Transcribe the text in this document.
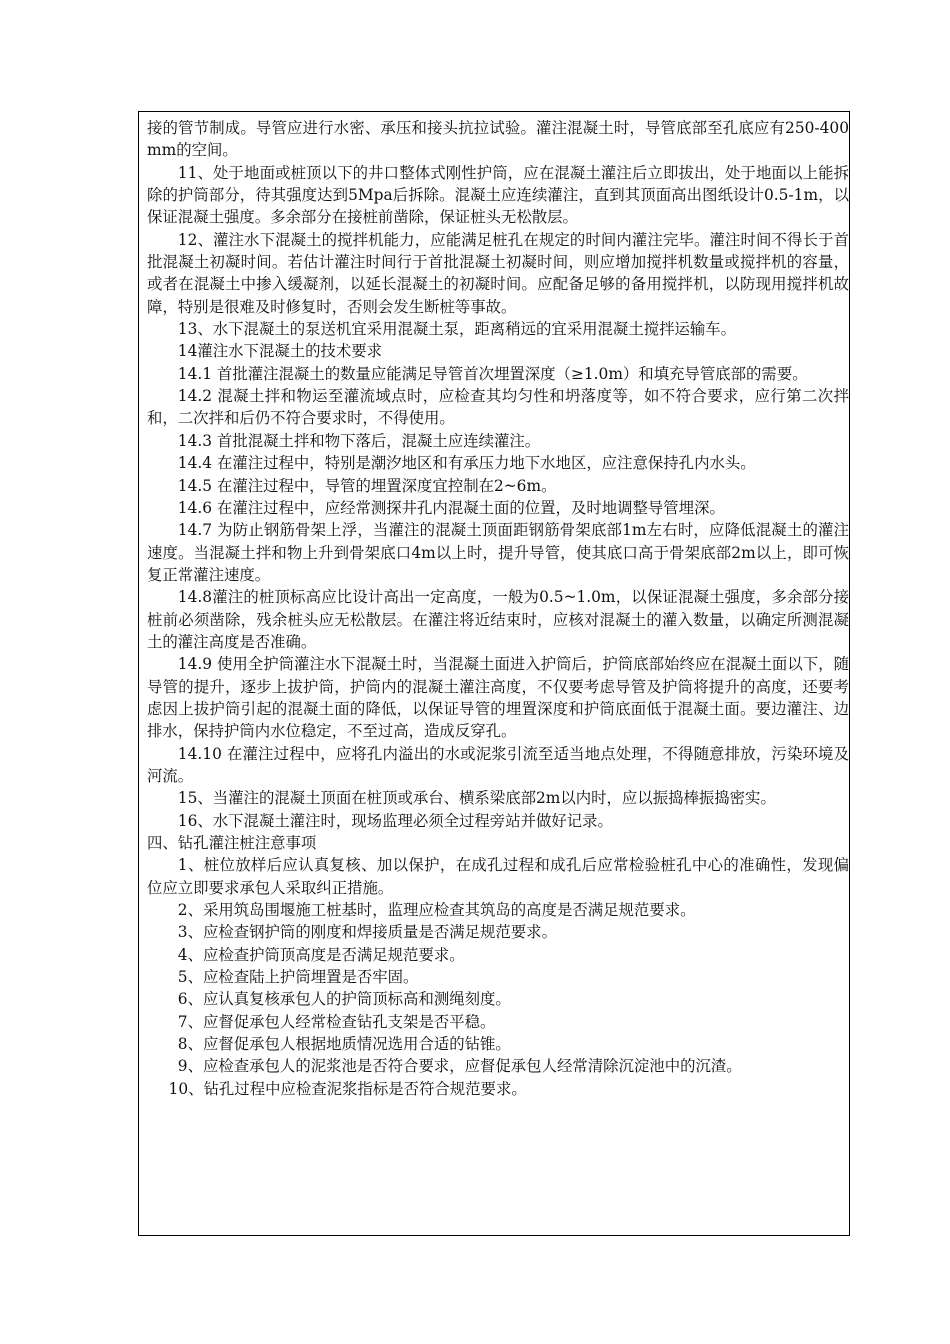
接的管节制成。导管应进行水密、承压和接头抗拉试验。灌注混凝土时，导管底部至孔底应有250-400mm的空间。

11、处于地面或桩顶以下的井口整体式刚性护筒，应在混凝土灌注后立即拔出，处于地面以上能拆除的护筒部分，待其强度达到5Mpa后拆除。混凝土应连续灌注，直到其顶面高出图纸设计0.5-1m，以保证混凝土强度。多余部分在接桩前凿除，保证桩头无松散层。

12、灌注水下混凝土的搅拌机能力，应能满足桩孔在规定的时间内灌注完毕。灌注时间不得长于首批混凝土初凝时间。若估计灌注时间行于首批混凝土初凝时间，则应增加搅拌机数量或搅拌机的容量，或者在混凝土中掺入缓凝剂，以延长混凝土的初凝时间。应配备足够的备用搅拌机，以防现用搅拌机故障，特别是很难及时修复时，否则会发生断桩等事故。

13、水下混凝土的泵送机宜采用混凝土泵，距离稍远的宜采用混凝土搅拌运输车。

14灌注水下混凝土的技术要求

14.1 首批灌注混凝土的数量应能满足导管首次埋置深度（≥1.0m）和填充导管底部的需要。

14.2 混凝土拌和物运至灌流域点时，应检查其均匀性和坍落度等，如不符合要求，应行第二次拌和，二次拌和后仍不符合要求时，不得使用。

14.3 首批混凝土拌和物下落后，混凝土应连续灌注。

14.4 在灌注过程中，特别是潮汐地区和有承压力地下水地区，应注意保持孔内水头。

14.5 在灌注过程中，导管的埋置深度宜控制在2~6m。

14.6 在灌注过程中，应经常测探井孔内混凝土面的位置，及时地调整导管埋深。

14.7 为防止钢筋骨架上浮，当灌注的混凝土顶面距钢筋骨架底部1m左右时，应降低混凝土的灌注速度。当混凝土拌和物上升到骨架底口4m以上时，提升导管，使其底口高于骨架底部2m以上，即可恢复正常灌注速度。

14.8灌注的桩顶标高应比设计高出一定高度，一般为0.5~1.0m，以保证混凝土强度，多余部分接桩前必须凿除，残余桩头应无松散层。在灌注将近结束时，应核对混凝土的灌入数量，以确定所测混凝土的灌注高度是否准确。

14.9 使用全护筒灌注水下混凝土时，当混凝土面进入护筒后，护筒底部始终应在混凝土面以下，随导管的提升，逐步上拔护筒，护筒内的混凝土灌注高度，不仅要考虑导管及护筒将提升的高度，还要考虑因上拔护筒引起的混凝土面的降低，以保证导管的埋置深度和护筒底面低于混凝土面。要边灌注、边排水，保持护筒内水位稳定，不至过高，造成反穿孔。

14.10 在灌注过程中，应将孔内溢出的水或泥浆引流至适当地点处理，不得随意排放，污染环境及河流。

15、当灌注的混凝土顶面在桩顶或承台、横系梁底部2m以内时，应以振捣棒振捣密实。

16、水下混凝土灌注时，现场监理必须全过程旁站并做好记录。

四、钻孔灌注桩注意事项

1、桩位放样后应认真复核、加以保护，在成孔过程和成孔后应常检验桩孔中心的准确性，发现偏位应立即要求承包人采取纠正措施。

2、采用筑岛围堰施工桩基时，监理应检查其筑岛的高度是否满足规范要求。

3、应检查钢护筒的刚度和焊接质量是否满足规范要求。

4、应检查护筒顶高度是否满足规范要求。

5、应检查陆上护筒埋置是否牢固。

6、应认真复核承包人的护筒顶标高和测绳刻度。

7、应督促承包人经常检查钻孔支架是否平稳。

8、应督促承包人根据地质情况选用合适的钻锥。

9、应检查承包人的泥浆池是否符合要求，应督促承包人经常清除沉淀池中的沉渣。

10、钻孔过程中应检查泥浆指标是否符合规范要求。
